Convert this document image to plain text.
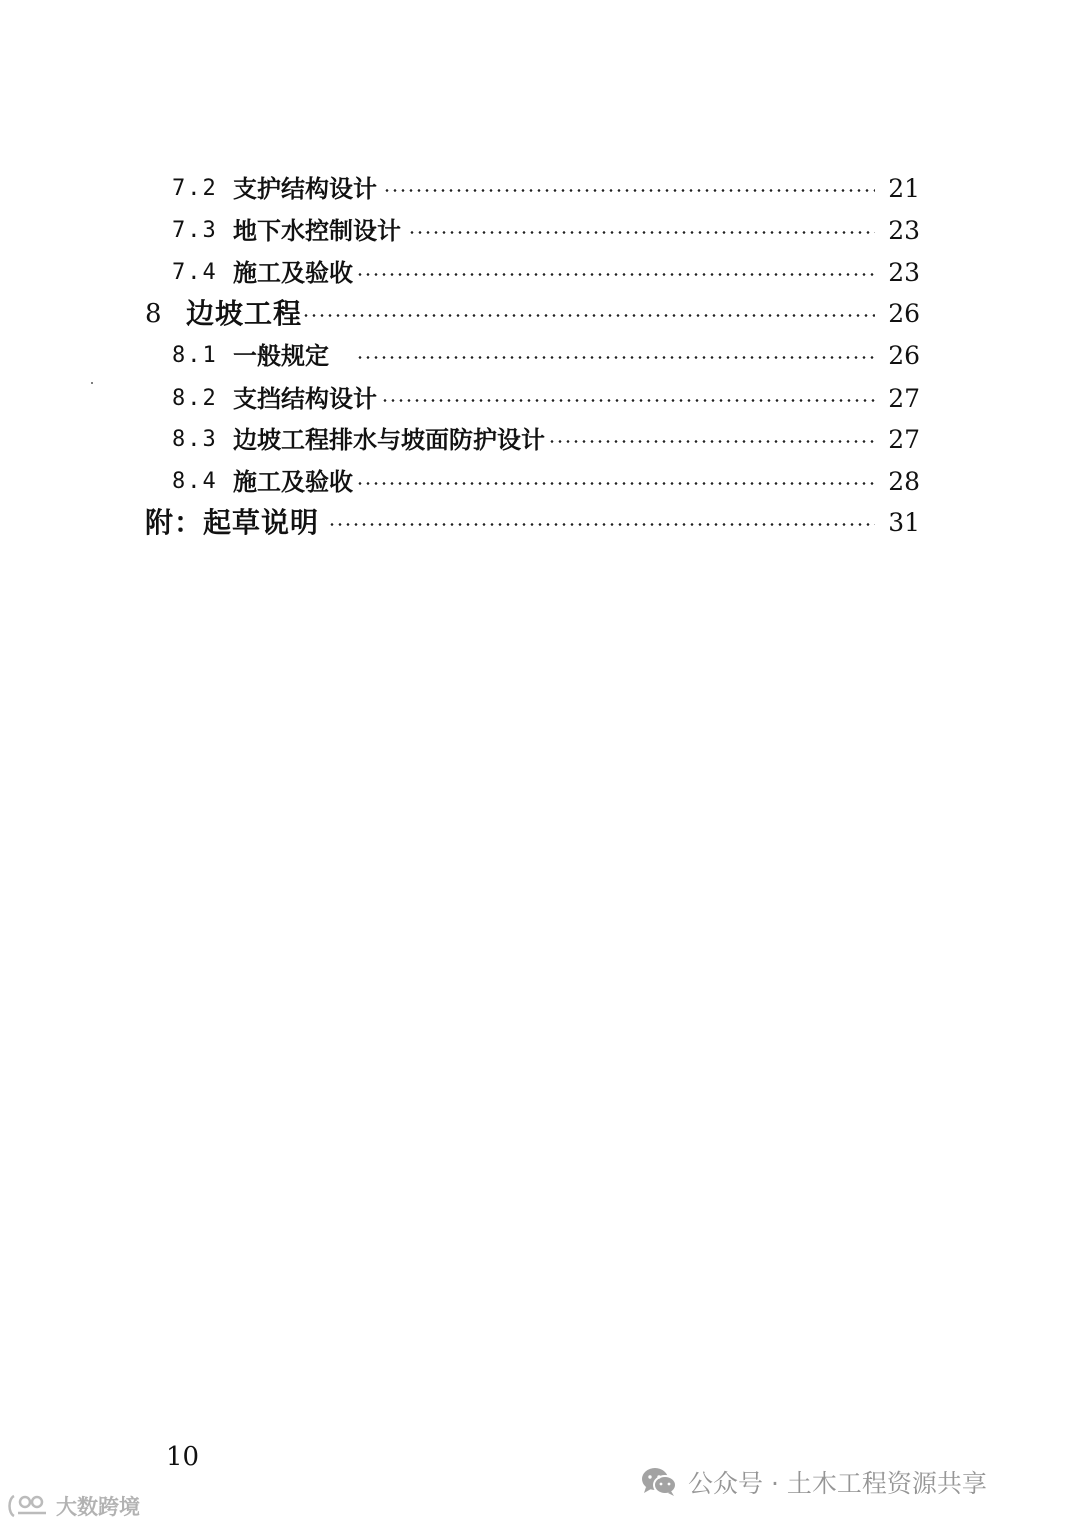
7.2 支护结构设计	21
7.3 地下水控制设计	23
7.4 施工及验收	23
8 边坡工程	26
8.1 一般规定	26
8.2 支挡结构设计	27
8.3 边坡工程排水与坡面防护设计	27
8.4 施工及验收	28
附：起草说明	31
10
公众号 · 土木工程资源共享
大数跨境
